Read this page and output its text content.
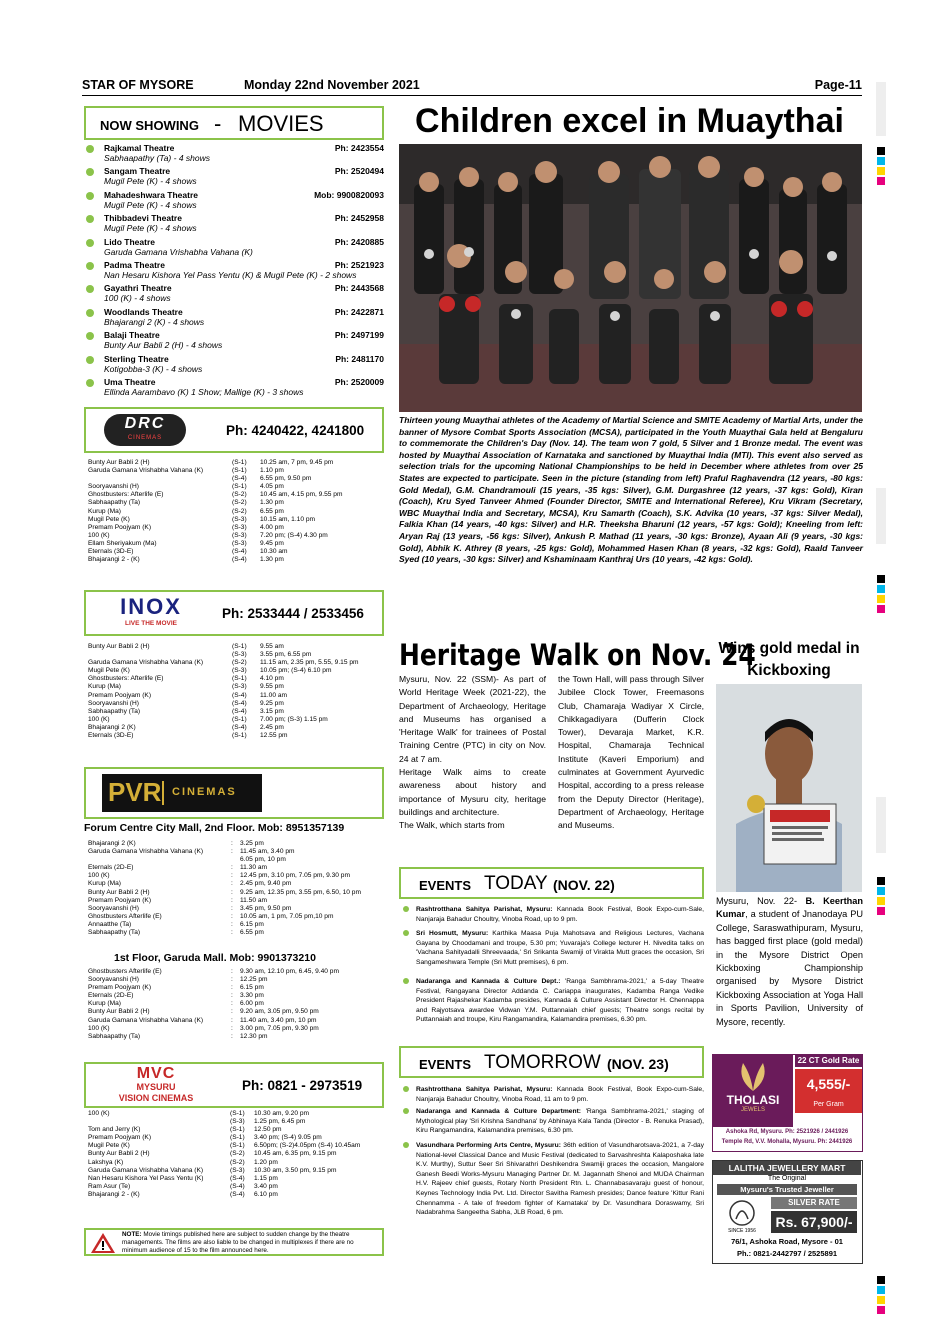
STAR OF MYSORE	Monday 22nd November 2021	Page-11
NOW SHOWING - MOVIES
Rajkamal Theatre	Ph: 2423554
Sabhaapathy (Ta) - 4 shows
Sangam Theatre	Ph: 2520494
Mugil Pete (K) - 4 shows
Mahadeshwara Theatre	Mob: 9900820093
Mugil Pete (K) - 4 shows
Thibbadevi Theatre	Ph: 2452958
Mugil Pete (K) - 4 shows
Lido Theatre	Ph: 2420885
Garuda Gamana Vrishabha Vahana (K)
Padma Theatre	Ph: 2521923
Nan Hesaru Kishora Yel Pass Yentu (K) & Mugil Pete (K) - 2 shows
Gayathri Theatre	Ph: 2443568
100 (K) - 4 shows
Woodlands Theatre	Ph: 2422871
Bhajarangi 2 (K) - 4 shows
Balaji Theatre	Ph: 2497199
Bunty Aur Babli 2 (H) - 4 shows
Sterling Theatre	Ph: 2481170
Kotigobba-3 (K) - 4 shows
Uma Theatre	Ph: 2520009
Ellinda Aarambavo (K) 1 Show; Mallige (K) - 3 shows
DRC
CINEMAS	Ph: 4240422, 4241800
Bunty Aur Babli 2 (H)	(S-1) 10.25 am, 7 pm, 9.45 pm
Garuda Gamana Vrishabha Vahana (K)	(S-1) 1.10 pm
(S-4) 6.55 pm, 9.50 pm
Sooryavanshi (H)	(S-1) 4.05 pm
Ghostbusters: Afterlife (E)	(S-2) 10.45 am, 4.15 pm, 9.55 pm
Sabhaapathy (Ta)	(S-2) 1.30 pm
Kurup (Ma)	(S-2) 6.55 pm
Mugil Pete (K)	(S-3) 10.15 am, 1.10 pm
Premam Poojyam (K)	(S-3) 4.00 pm
100 (K)	(S-3) 7.20 pm; (S-4) 4.30 pm
Ellam Sheriyakum (Ma)	(S-3) 9.45 pm
Eternals (3D-E)	(S-4) 10.30 am
Bhajarangi 2 - (K)	(S-4) 1.30 pm
INOX
LIVE THE MOVIE
Ph: 2533444 / 2533456
Bunty Aur Babli 2 (H)	(S-1) 9.55 am
(S-3) 3.55 pm, 6.55 pm
Garuda Gamana Vrishabha Vahana (K)	(S-2) 11.15 am, 2.35 pm, 5.55, 9.15 pm
Mugil Pete (K)	(S-3) 10.05 pm; (S-4) 6.10 pm
Ghostbusters: Afterlife (E)	(S-1) 4.10 pm
Kurup (Ma)	(S-3) 9.55 pm
Premam Poojyam (K)	(S-4) 11.00 am
Sooryavanshi (H)	(S-4) 9.25 pm
Sabhaapathy (Ta)	(S-4) 3.15 pm
100 (K)	(S-1) 7.00 pm; (S-3) 1.15 pm
Bhajarangi 2 (K)	(S-4) 2.45 pm
Eternals (3D-E)	(S-1) 12.55 pm
PVR CINEMAS
Forum Centre City Mall, 2nd Floor. Mob: 8951357139
Bhajarangi 2 (K)	: 3.25 pm
Garuda Gamana Vrishabha Vahana (K)	: 11.45 am, 3.40 pm
6.05 pm, 10 pm
Eternals (2D-E)	: 11.30 am
100 (K)	: 12.45 pm, 3.10 pm, 7.05 pm, 9.30 pm
Kurup (Ma)	: 2.45 pm, 9.40 pm
Bunty Aur Babli 2 (H)	: 9.25 am, 12.35 pm, 3.55 pm, 6.50, 10 pm
Premam Poojyam (K)	: 11.50 am
Sooryavanshi (H)	: 3.45 pm, 9.50 pm
Ghostbusters Afterlife (E)	: 10.05 am, 1 pm, 7.05 pm,10 pm
Annaatthe (Ta)	: 6.15 pm
Sabhaapathy (Ta)	: 6.55 pm
1st Floor, Garuda Mall. Mob: 9901373210
Ghostbusters Afterlife (E)	: 9.30 am, 12.10 pm, 6.45, 9.40 pm
Sooryavanshi (H)	: 12.25 pm
Premam Poojyam (K)	: 6.15 pm
Eternals (2D-E)	: 3.30 pm
Kurup (Ma)	: 6.00 pm
Bunty Aur Babli 2 (H)	: 9.20 am, 3.05 pm, 9.50 pm
Garuda Gamana Vrishabha Vahana (K)	: 11.40 am, 3.40 pm, 10 pm
100 (K)	: 3.00 pm, 7.05 pm, 9.30 pm
Sabhaapathy (Ta)	: 12.30 pm
MVC
MYSURU
VISION CINEMAS
Ph: 0821 - 2973519
100 (K)	(S-1) 10.30 am, 9.20 pm
(S-3) 1.25 pm, 6.45 pm
Tom and Jerry (K)	(S-1) 12.50 pm
Premam Poojyam (K)	(S-1) 3.40 pm; (S-4) 9.05 pm
Mugil Pete (K)	(S-1) 6.50pm; (S-2)4.05pm (S-4) 10.45am
Bunty Aur Babli 2 (H)	(S-2) 10.45 am, 6.35 pm, 9.15 pm
Lakshya (K)	(S-2) 1.20 pm
Garuda Gamana Vrishabha Vahana (K)	(S-3) 10.30 am, 3.50 pm, 9.15 pm
Nan Hesaru Kishora Yel Pass Yentu (K)	(S-4) 1.15 pm
Ram Asur (Te)	(S-4) 3.40 pm
Bhajarangi 2 - (K)	(S-4) 6.10 pm
NOTE: Movie timings published here are subject to sudden change by the theatre managements. The films are also liable to be changed in multiplexes if there are no minimum audience of 15 to the film announced here.
Children excel in Muaythai
Thirteen young Muaythai athletes of the Academy of Martial Science and SMITE Academy of Martial Arts, under the banner of Mysore Combat Sports Association (MCSA), participated in the Youth Muaythai Gala held at Bengaluru to commemorate the Children's Day (Nov. 14). The team won 7 gold, 5 Silver and 1 Bronze medal. The event was hosted by Muaythai Association of Karnataka and sanctioned by Muaythai India (MTI). This event also served as selection trials for the upcoming National Championships to be held in December where athletes from over 25 States are expected to participate. Seen in the picture (standing from left) Praful Raghavendra (12 years, -80 kgs: Gold Medal), G.M. Chandramouli (15 years, -35 kgs: Silver), G.M. Durgashree (12 years, -37 kgs: Gold), Kiran (Coach), Kru Syed Tanveer Ahmed (Founder Director, SMITE and International Referee), Kru Vikram (Secretary, WBC Muaythai India and Secretary, MCSA), Kru Samarth (Coach), S.K. Advika (10 years, -37 kgs: Silver Medal), Falkia Khan (14 years, -40 kgs: Silver) and H.R. Theeksha Bharuni (12 years, -57 kgs: Gold); Kneeling from left: Aryan Raj (13 years, -56 kgs: Silver), Ankush P. Mathad (11 years, -30 kgs: Bronze), Ayaan Ali (9 years, -30 kgs: Gold), Abhik K. Athrey (8 years, -25 kgs: Gold), Mohammed Hasen Khan (8 years, -32 kgs: Gold), Raald Tanveer Syed (10 years, -30 kgs: Silver) and Kshaminaam Kanthraj Urs (10 years, -42 kgs: Gold).
Heritage Walk on Nov. 24
Mysuru, Nov. 22 (SSM)- As part of World Heritage Week (2021-22), the Department of Archaeology, Heritage and Museums has organised a 'Heritage Walk' for trainees of Postal Training Centre (PTC) in city on Nov. 24 at 7 am.
Heritage Walk aims to create awareness about history and importance of Mysuru city, heritage buildings and architecture.
The Walk, which starts from
the Town Hall, will pass through Silver Jubilee Clock Tower, Freemasons Club, Chamaraja Wadiyar X Circle, Chikkagadiyara (Dufferin Clock Tower), Devaraja Market, K.R. Hospital, Chamaraja Technical Institute (Kaveri Emporium) and culminates at Government Ayurvedic Hospital, according to a press release from the Deputy Director (Heritage), Department of Archaeology, Heritage and Museums.
Wins gold medal in Kickboxing
Mysuru, Nov. 22- B. Keerthan Kumar, a student of Jnanodaya PU College, Saraswathipuram, Mysuru, has bagged first place (gold medal) in the Mysore District Open Kickboxing Championship organised by Mysore District Kickboxing Association at Yoga Hall in Sports Pavilion, University of Mysore, recently.
EVENTS TODAY (NOV. 22)
Rashtrotthana Sahitya Parishat, Mysuru: Kannada Book Festival, Book Expo-cum-Sale, Nanjaraja Bahadur Choultry, Vinoba Road, up to 9 pm.
Sri Hosmutt, Mysuru: Karthika Maasa Puja Mahotsava and Religious Lectures, Vachana Gayana by Choodamani and troupe, 5.30 pm; Yuvaraja's College lecturer H. Nivedita talks on 'Vachana Sahityadalli Shreevaada,' Sri Srikanta Swamiji of Virakta Mutt graces the occasion, Sri Sangameshwara Temple (Sri Mutt premises), 6 pm.
Nadaranga and Kannada & Culture Dept.: 'Ranga Sambhrama-2021,' a 5-day Theatre Festival, Rangayana Director Addanda C. Cariappa inaugurates, Kadamba Ranga Vedike President Rajashekar Kadamba presides, Kannada & Culture Assistant Director H. Chennappa and Rajyotsava awardee Vidwan Y.M. Puttannaiah chief guests; Theatre songs recital by Puttannaiah and troupe, Kiru Rangamandira, Kalamandira premises, 6.30 pm.
EVENTS TOMORROW (NOV. 23)
Rashtrotthana Sahitya Parishat, Mysuru: Kannada Book Festival, Book Expo-cum-Sale, Nanjaraja Bahadur Choultry, Vinoba Road, 11 am to 9 pm.
Nadaranga and Kannada & Culture Department: 'Ranga Sambhrama-2021,' staging of Mythological play 'Sri Krishna Sandhana' by Abhinaya Kala Tanda (Director - B. Renuka Prasad), Kiru Rangamandira, Kalamandira premises, 6.30 pm.
Vasundhara Performing Arts Centre, Mysuru: 36th edition of Vasundharotsava-2021, a 7-day National-level Classical Dance and Music Festival (dedicated to Sarvashreshta Kalaposhaka late K.V. Murthy), Suttur Seer Sri Shivarathri Deshikendra Swamiji graces the occasion, Mangalore Ganesh Beedi Works-Mysuru Managing Partner Dr. M. Jagannath Shenoi and MUDA Chairman H.V. Rajeev chief guests, Rotary North President Rtn. L. Channabasavaraju guest of honour, Keynes Technology India Pvt. Ltd. Director Savitha Ramesh presides; Dance feature 'Kittur Rani Chennamma - A tale of freedom fighter of Karnataka' by Dr. Vasundhara Doraswamy, Sri Nadabrahma Sangeetha Sabha, JLB Road, 6 pm.
22 CT Gold Rate
THOLASI
JEWELS
4,555/-
Per Gram
Ashoka Rd, Mysuru. Ph: 2521926 / 2441926
Temple Rd, V.V. Mohalla, Mysuru. Ph: 2441926
LALITHA JEWELLERY MART
The Original
Mysuru's Trusted Jeweller
SILVER RATE
SINCE 1956
Rs. 67,900/-
76/1, Ashoka Road, Mysore - 01
Ph.: 0821-2442797 / 2525891
